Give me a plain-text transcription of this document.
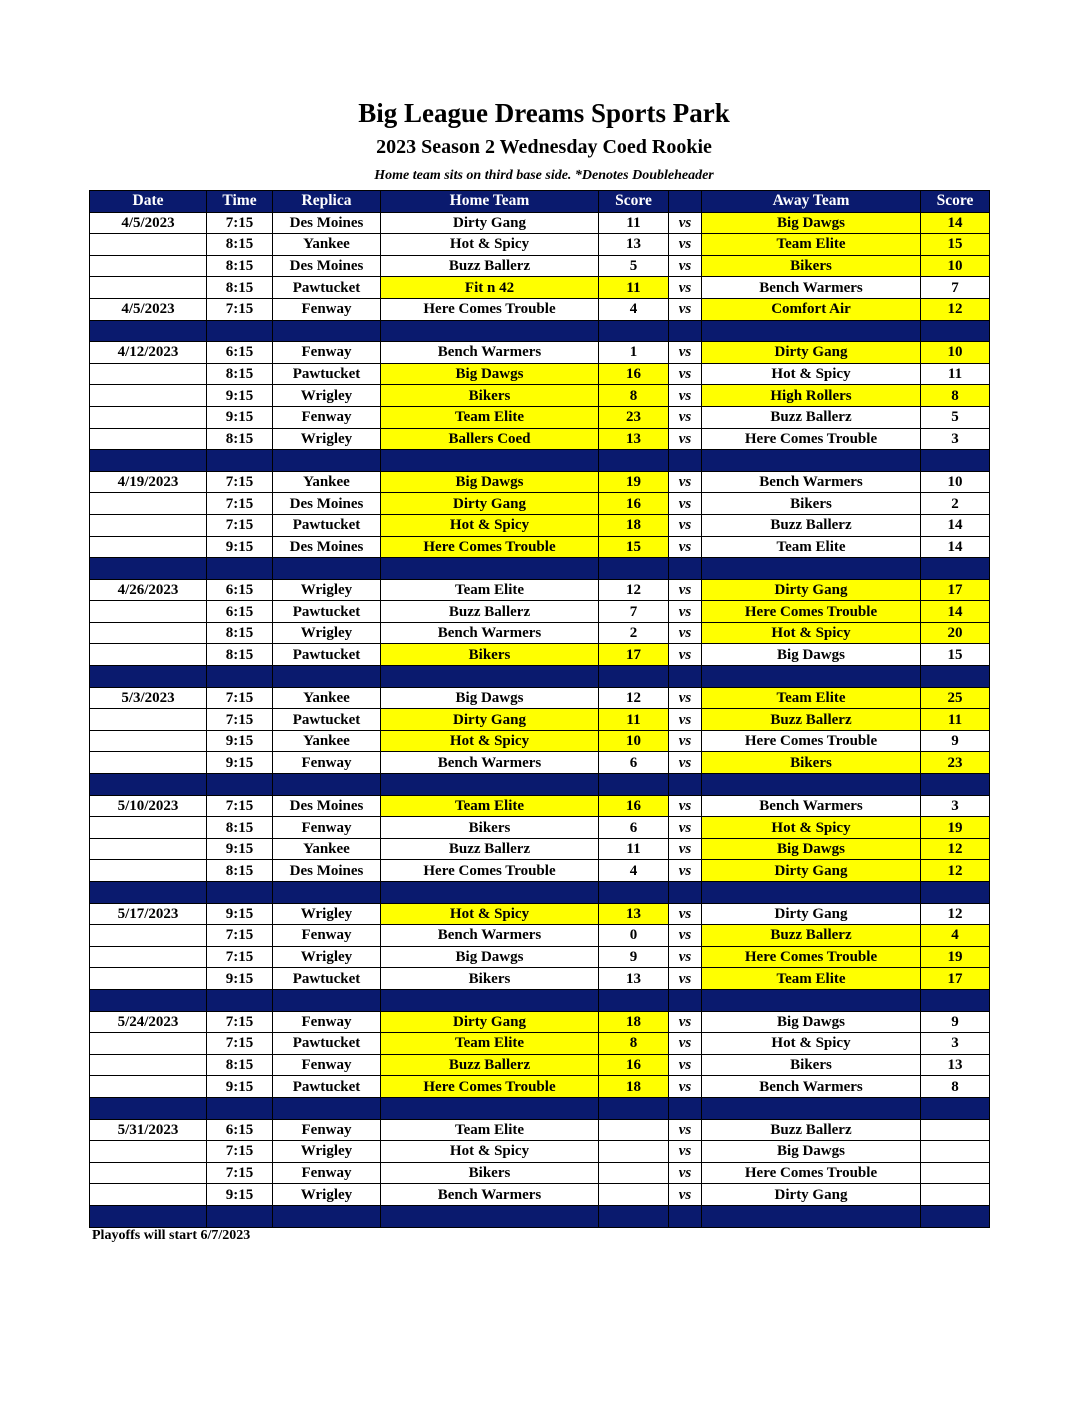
Big League Dreams Sports Park
2023 Season 2 Wednesday Coed Rookie
Home team sits on third base side. *Denotes Doubleheader
Date	Time	Replica	Home Team	Score		Away Team	Score
4/5/2023	7:15	Des Moines	Dirty Gang	11	vs	Big Dawgs	14
	8:15	Yankee	Hot & Spicy	13	vs	Team Elite	15
	8:15	Des Moines	Buzz Ballerz	5	vs	Bikers	10
	8:15	Pawtucket	Fit n 42	11	vs	Bench Warmers	7
4/5/2023	7:15	Fenway	Here Comes Trouble	4	vs	Comfort Air	12

4/12/2023	6:15	Fenway	Bench Warmers	1	vs	Dirty Gang	10
	8:15	Pawtucket	Big Dawgs	16	vs	Hot & Spicy	11
	9:15	Wrigley	Bikers	8	vs	High Rollers	8
	9:15	Fenway	Team Elite	23	vs	Buzz Ballerz	5
	8:15	Wrigley	Ballers Coed	13	vs	Here Comes Trouble	3

4/19/2023	7:15	Yankee	Big Dawgs	19	vs	Bench Warmers	10
	7:15	Des Moines	Dirty Gang	16	vs	Bikers	2
	7:15	Pawtucket	Hot & Spicy	18	vs	Buzz Ballerz	14
	9:15	Des Moines	Here Comes Trouble	15	vs	Team Elite	14

4/26/2023	6:15	Wrigley	Team Elite	12	vs	Dirty Gang	17
	6:15	Pawtucket	Buzz Ballerz	7	vs	Here Comes Trouble	14
	8:15	Wrigley	Bench Warmers	2	vs	Hot & Spicy	20
	8:15	Pawtucket	Bikers	17	vs	Big Dawgs	15

5/3/2023	7:15	Yankee	Big Dawgs	12	vs	Team Elite	25
	7:15	Pawtucket	Dirty Gang	11	vs	Buzz Ballerz	11
	9:15	Yankee	Hot & Spicy	10	vs	Here Comes Trouble	9
	9:15	Fenway	Bench Warmers	6	vs	Bikers	23

5/10/2023	7:15	Des Moines	Team Elite	16	vs	Bench Warmers	3
	8:15	Fenway	Bikers	6	vs	Hot & Spicy	19
	9:15	Yankee	Buzz Ballerz	11	vs	Big Dawgs	12
	8:15	Des Moines	Here Comes Trouble	4	vs	Dirty Gang	12

5/17/2023	9:15	Wrigley	Hot & Spicy	13	vs	Dirty Gang	12
	7:15	Fenway	Bench Warmers	0	vs	Buzz Ballerz	4
	7:15	Wrigley	Big Dawgs	9	vs	Here Comes Trouble	19
	9:15	Pawtucket	Bikers	13	vs	Team Elite	17

5/24/2023	7:15	Fenway	Dirty Gang	18	vs	Big Dawgs	9
	7:15	Pawtucket	Team Elite	8	vs	Hot & Spicy	3
	8:15	Fenway	Buzz Ballerz	16	vs	Bikers	13
	9:15	Pawtucket	Here Comes Trouble	18	vs	Bench Warmers	8

5/31/2023	6:15	Fenway	Team Elite		vs	Buzz Ballerz	
	7:15	Wrigley	Hot & Spicy		vs	Big Dawgs	
	7:15	Fenway	Bikers		vs	Here Comes Trouble	
	9:15	Wrigley	Bench Warmers		vs	Dirty Gang	

Playoffs will start 6/7/2023
